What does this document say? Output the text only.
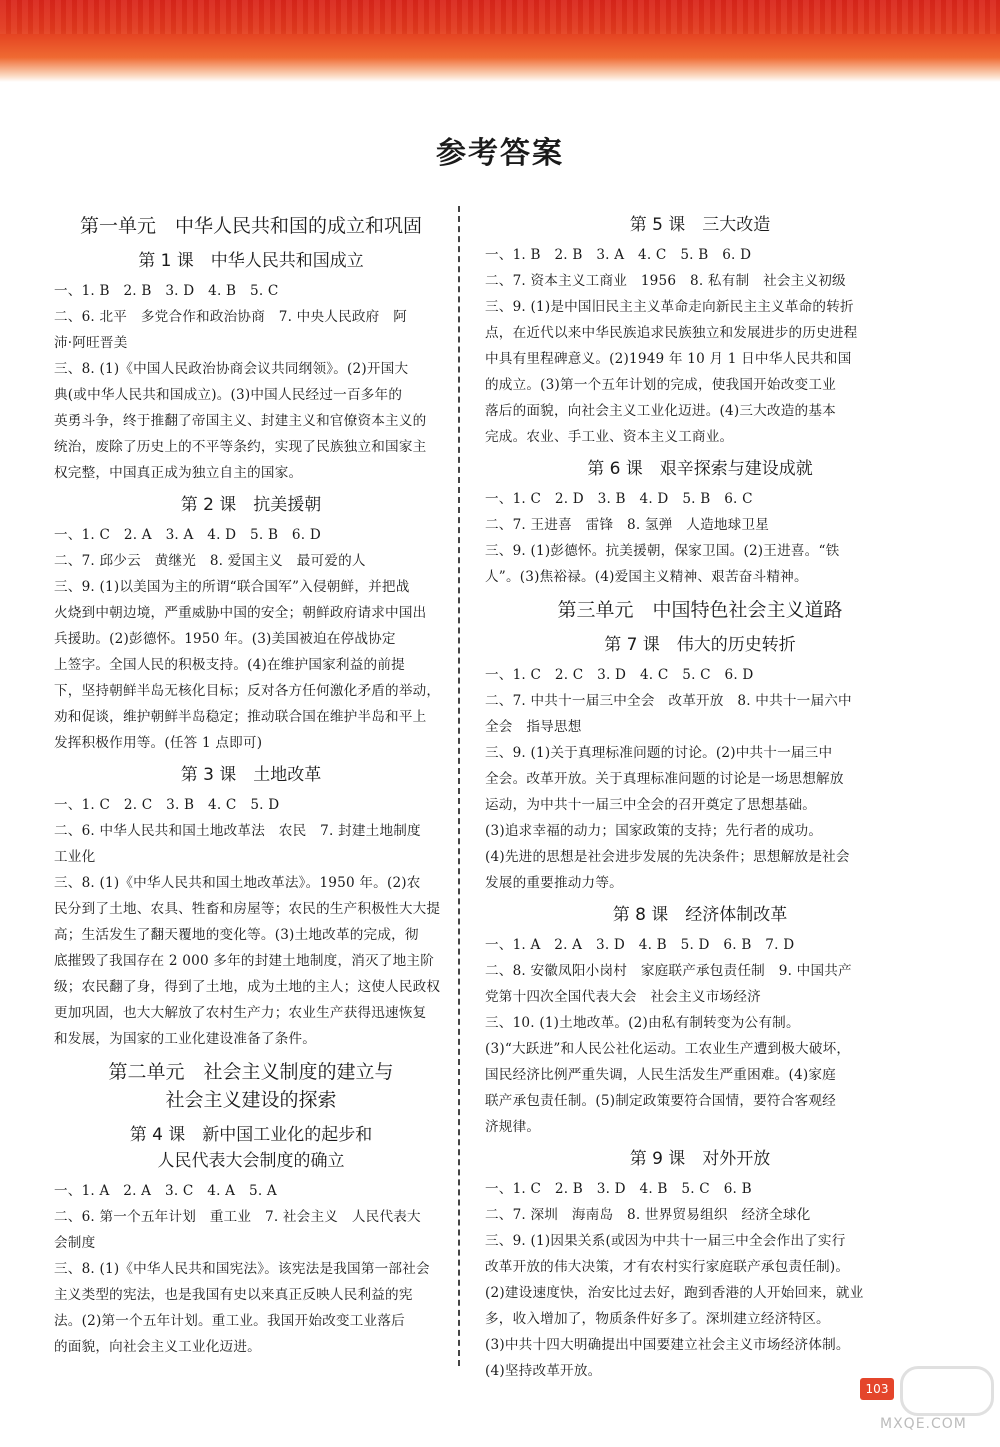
参考答案
第一单元　中华人民共和国的成立和巩固
第 1 课　中华人民共和国成立
一、1. B　2. B　3. D　4. B　5. C
二、6. 北平　多党合作和政治协商　7. 中央人民政府　阿
沛·阿旺晋美
三、8. (1)《中国人民政治协商会议共同纲领》。(2)开国大
典(或中华人民共和国成立)。(3)中国人民经过一百多年的
英勇斗争，终于推翻了帝国主义、封建主义和官僚资本主义的
统治，废除了历史上的不平等条约，实现了民族独立和国家主
权完整，中国真正成为独立自主的国家。
第 2 课　抗美援朝
一、1. C　2. A　3. A　4. D　5. B　6. D
二、7. 邱少云　黄继光　8. 爱国主义　最可爱的人
三、9. (1)以美国为主的所谓“联合国军”入侵朝鲜，并把战
火烧到中朝边境，严重威胁中国的安全；朝鲜政府请求中国出
兵援助。(2)彭德怀。1950 年。(3)美国被迫在停战协定
上签字。全国人民的积极支持。(4)在维护国家利益的前提
下，坚持朝鲜半岛无核化目标；反对各方任何激化矛盾的举动，
劝和促谈，维护朝鲜半岛稳定；推动联合国在维护半岛和平上
发挥积极作用等。(任答 1 点即可)
第 3 课　土地改革
一、1. C　2. C　3. B　4. C　5. D
二、6. 中华人民共和国土地改革法　农民　7. 封建土地制度
工业化
三、8. (1)《中华人民共和国土地改革法》。1950 年。(2)农
民分到了土地、农具、牲畜和房屋等；农民的生产积极性大大提
高；生活发生了翻天覆地的变化等。(3)土地改革的完成，彻
底摧毁了我国存在 2 000 多年的封建土地制度，消灭了地主阶
级；农民翻了身，得到了土地，成为土地的主人；这使人民政权
更加巩固，也大大解放了农村生产力；农业生产获得迅速恢复
和发展，为国家的工业化建设准备了条件。
第二单元　社会主义制度的建立与
社会主义建设的探索
第 4 课　新中国工业化的起步和
人民代表大会制度的确立
一、1. A　2. A　3. C　4. A　5. A
二、6. 第一个五年计划　重工业　7. 社会主义　人民代表大
会制度
三、8. (1)《中华人民共和国宪法》。该宪法是我国第一部社会
主义类型的宪法，也是我国有史以来真正反映人民利益的宪
法。(2)第一个五年计划。重工业。我国开始改变工业落后
的面貌，向社会主义工业化迈进。
第 5 课　三大改造
一、1. B　2. B　3. A　4. C　5. B　6. D
二、7. 资本主义工商业　1956　8. 私有制　社会主义初级
三、9. (1)是中国旧民主主义革命走向新民主主义革命的转折
点，在近代以来中华民族追求民族独立和发展进步的历史进程
中具有里程碑意义。(2)1949 年 10 月 1 日中华人民共和国
的成立。(3)第一个五年计划的完成，使我国开始改变工业
落后的面貌，向社会主义工业化迈进。(4)三大改造的基本
完成。农业、手工业、资本主义工商业。
第 6 课　艰辛探索与建设成就
一、1. C　2. D　3. B　4. D　5. B　6. C
二、7. 王进喜　雷锋　8. 氢弹　人造地球卫星
三、9. (1)彭德怀。抗美援朝，保家卫国。(2)王进喜。“铁
人”。(3)焦裕禄。(4)爱国主义精神、艰苦奋斗精神。
第三单元　中国特色社会主义道路
第 7 课　伟大的历史转折
一、1. C　2. C　3. D　4. C　5. C　6. D
二、7. 中共十一届三中全会　改革开放　8. 中共十一届六中
全会　指导思想
三、9. (1)关于真理标准问题的讨论。(2)中共十一届三中
全会。改革开放。关于真理标准问题的讨论是一场思想解放
运动，为中共十一届三中全会的召开奠定了思想基础。
(3)追求幸福的动力；国家政策的支持；先行者的成功。
(4)先进的思想是社会进步发展的先决条件；思想解放是社会
发展的重要推动力等。
第 8 课　经济体制改革
一、1. A　2. A　3. D　4. B　5. D　6. B　7. D
二、8. 安徽凤阳小岗村　家庭联产承包责任制　9. 中国共产
党第十四次全国代表大会　社会主义市场经济
三、10. (1)土地改革。(2)由私有制转变为公有制。
(3)“大跃进”和人民公社化运动。工农业生产遭到极大破坏，
国民经济比例严重失调，人民生活发生严重困难。(4)家庭
联产承包责任制。(5)制定政策要符合国情，要符合客观经
济规律。
第 9 课　对外开放
一、1. C　2. B　3. D　4. B　5. C　6. B
二、7. 深圳　海南岛　8. 世界贸易组织　经济全球化
三、9. (1)因果关系(或因为中共十一届三中全会作出了实行
改革开放的伟大决策，才有农村实行家庭联产承包责任制)。
(2)建设速度快，治安比过去好，跑到香港的人开始回来，就业
多，收入增加了，物质条件好多了。深圳建立经济特区。
(3)中共十四大明确提出中国要建立社会主义市场经济体制。
(4)坚持改革开放。
103
MXQE.COM
